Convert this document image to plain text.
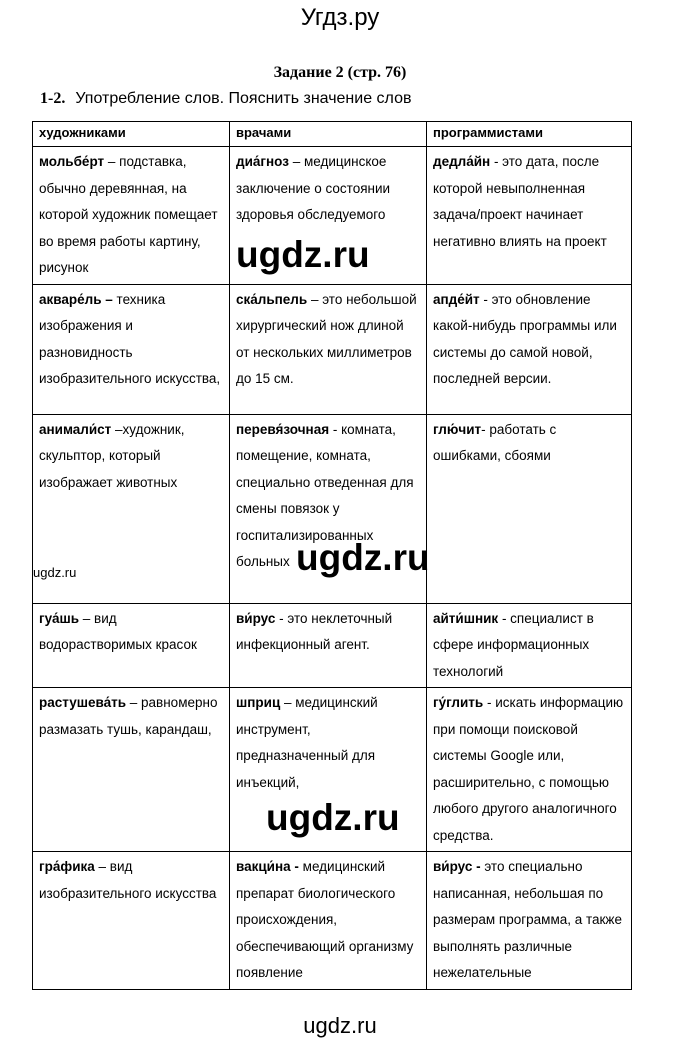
Угдз.ру
Задание 2 (стр. 76)
1-2. Употребление слов. Пояснить значение слов
художниками	врачами	программистами
мольбе́рт – подставка, обычно деревянная, на которой художник помещает во время работы картину, рисунок	диа́гноз – медицинское заключение о состоянии здоровья обследуемого	дедла́йн - это дата, после которой невыполненная задача/проект начинает негативно влиять на проект
акваре́ль – техника изображения и разновидность изобразительного искусства,	ска́льпель – это небольшой хирургический нож длиной от нескольких миллиметров до 15 см.	апде́йт - это обновление какой-нибудь программы или системы до самой новой, последней версии.
анимали́ст –художник, скульптор, который изображает животных	перевя́зочная - комната, помещение, комната, специально отведенная для смены повязок у госпитализированных больных	глю́чит- работать с ошибками, сбоями
гуа́шь – вид водорастворимых красок	ви́рус - это неклеточный инфекционный агент.	айти́шник - специалист в сфере информационных технологий
растушева́ть – равномерно размазать тушь, карандаш,	шприц – медицинский инструмент, предназначенный для инъекций,	гу́глить - искать информацию при помощи поисковой системы Google или, расширительно, с помощью любого другого аналогичного средства.
гра́фика – вид изобразительного искусства	вакци́на - медицинский препарат биологического происхождения, обеспечивающий организму появление	ви́рус - это специально написанная, небольшая по размерам программа, а также выполнять различные нежелательные
ugdz.ru
ugdz.ru
ugdz.ru
ugdz.ru
ugdz.ru
